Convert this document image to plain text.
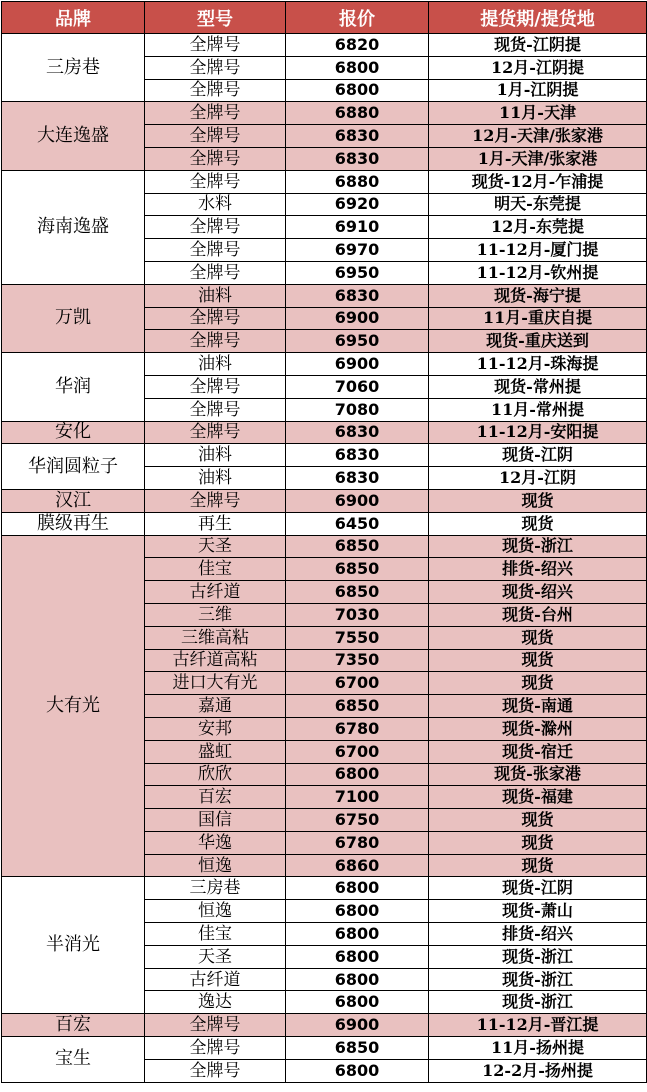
品牌	型号	报价	提货期/提货地
三房巷	全牌号	6820	现货-江阴提
	全牌号	6800	12月-江阴提
	全牌号	6800	1月-江阴提
大连逸盛	全牌号	6880	11月-天津
	全牌号	6830	12月-天津/张家港
	全牌号	6830	1月-天津/张家港
海南逸盛	全牌号	6880	现货-12月-乍浦提
	水料	6920	明天-东莞提
	全牌号	6910	12月-东莞提
	全牌号	6970	11-12月-厦门提
	全牌号	6950	11-12月-钦州提
万凯	油料	6830	现货-海宁提
	全牌号	6900	11月-重庆自提
	全牌号	6950	现货-重庆送到
华润	油料	6900	11-12月-珠海提
	全牌号	7060	现货-常州提
	全牌号	7080	11月-常州提
安化	全牌号	6830	11-12月-安阳提
华润圆粒子	油料	6830	现货-江阴
	油料	6830	12月-江阴
汉江	全牌号	6900	现货
膜级再生	再生	6450	现货
大有光	天圣	6850	现货-浙江
	佳宝	6850	排货-绍兴
	古纤道	6850	现货-绍兴
	三维	7030	现货-台州
	三维高粘	7550	现货
	古纤道高粘	7350	现货
	进口大有光	6700	现货
	嘉通	6850	现货-南通
	安邦	6780	现货-滁州
	盛虹	6700	现货-宿迁
	欣欣	6800	现货-张家港
	百宏	7100	现货-福建
	国信	6750	现货
	华逸	6780	现货
	恒逸	6860	现货
半消光	三房巷	6800	现货-江阴
	恒逸	6800	现货-萧山
	佳宝	6800	排货-绍兴
	天圣	6800	现货-浙江
	古纤道	6800	现货-浙江
	逸达	6800	现货-浙江
百宏	全牌号	6900	11-12月-晋江提
宝生	全牌号	6850	11月-扬州提
	全牌号	6800	12-2月-扬州提
